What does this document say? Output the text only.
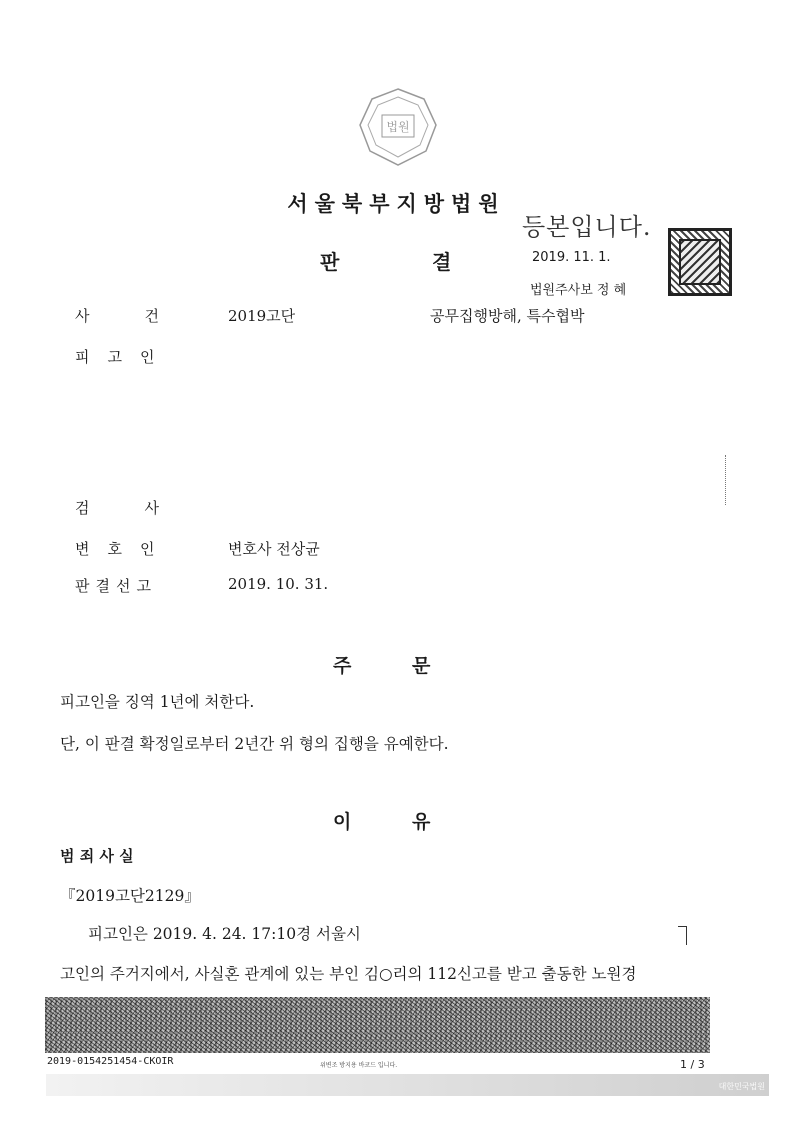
법원
서울북부지방법원
판	결
등본입니다.
2019. 11. 1.
법원주사보 정 혜
사	건	2019고단	공무집행방해, 특수협박
피고인
검	사
변호인	변호사 전상균
판결선고	2019. 10. 31.
주	문
피고인을 징역 1년에 처한다.
단, 이 판결 확정일로부터 2년간 위 형의 집행을 유예한다.
이	유
범 죄 사 실
『2019고단2129』
피고인은 2019. 4. 24. 17:10경 서울시
고인의 주거지에서, 사실혼 관계에 있는 부인 김○리의 112신고를 받고 출동한 노원경
2019-0154251454-CKOIR	위변조 방지용 바코드 입니다.	1 / 3
대한민국법원
